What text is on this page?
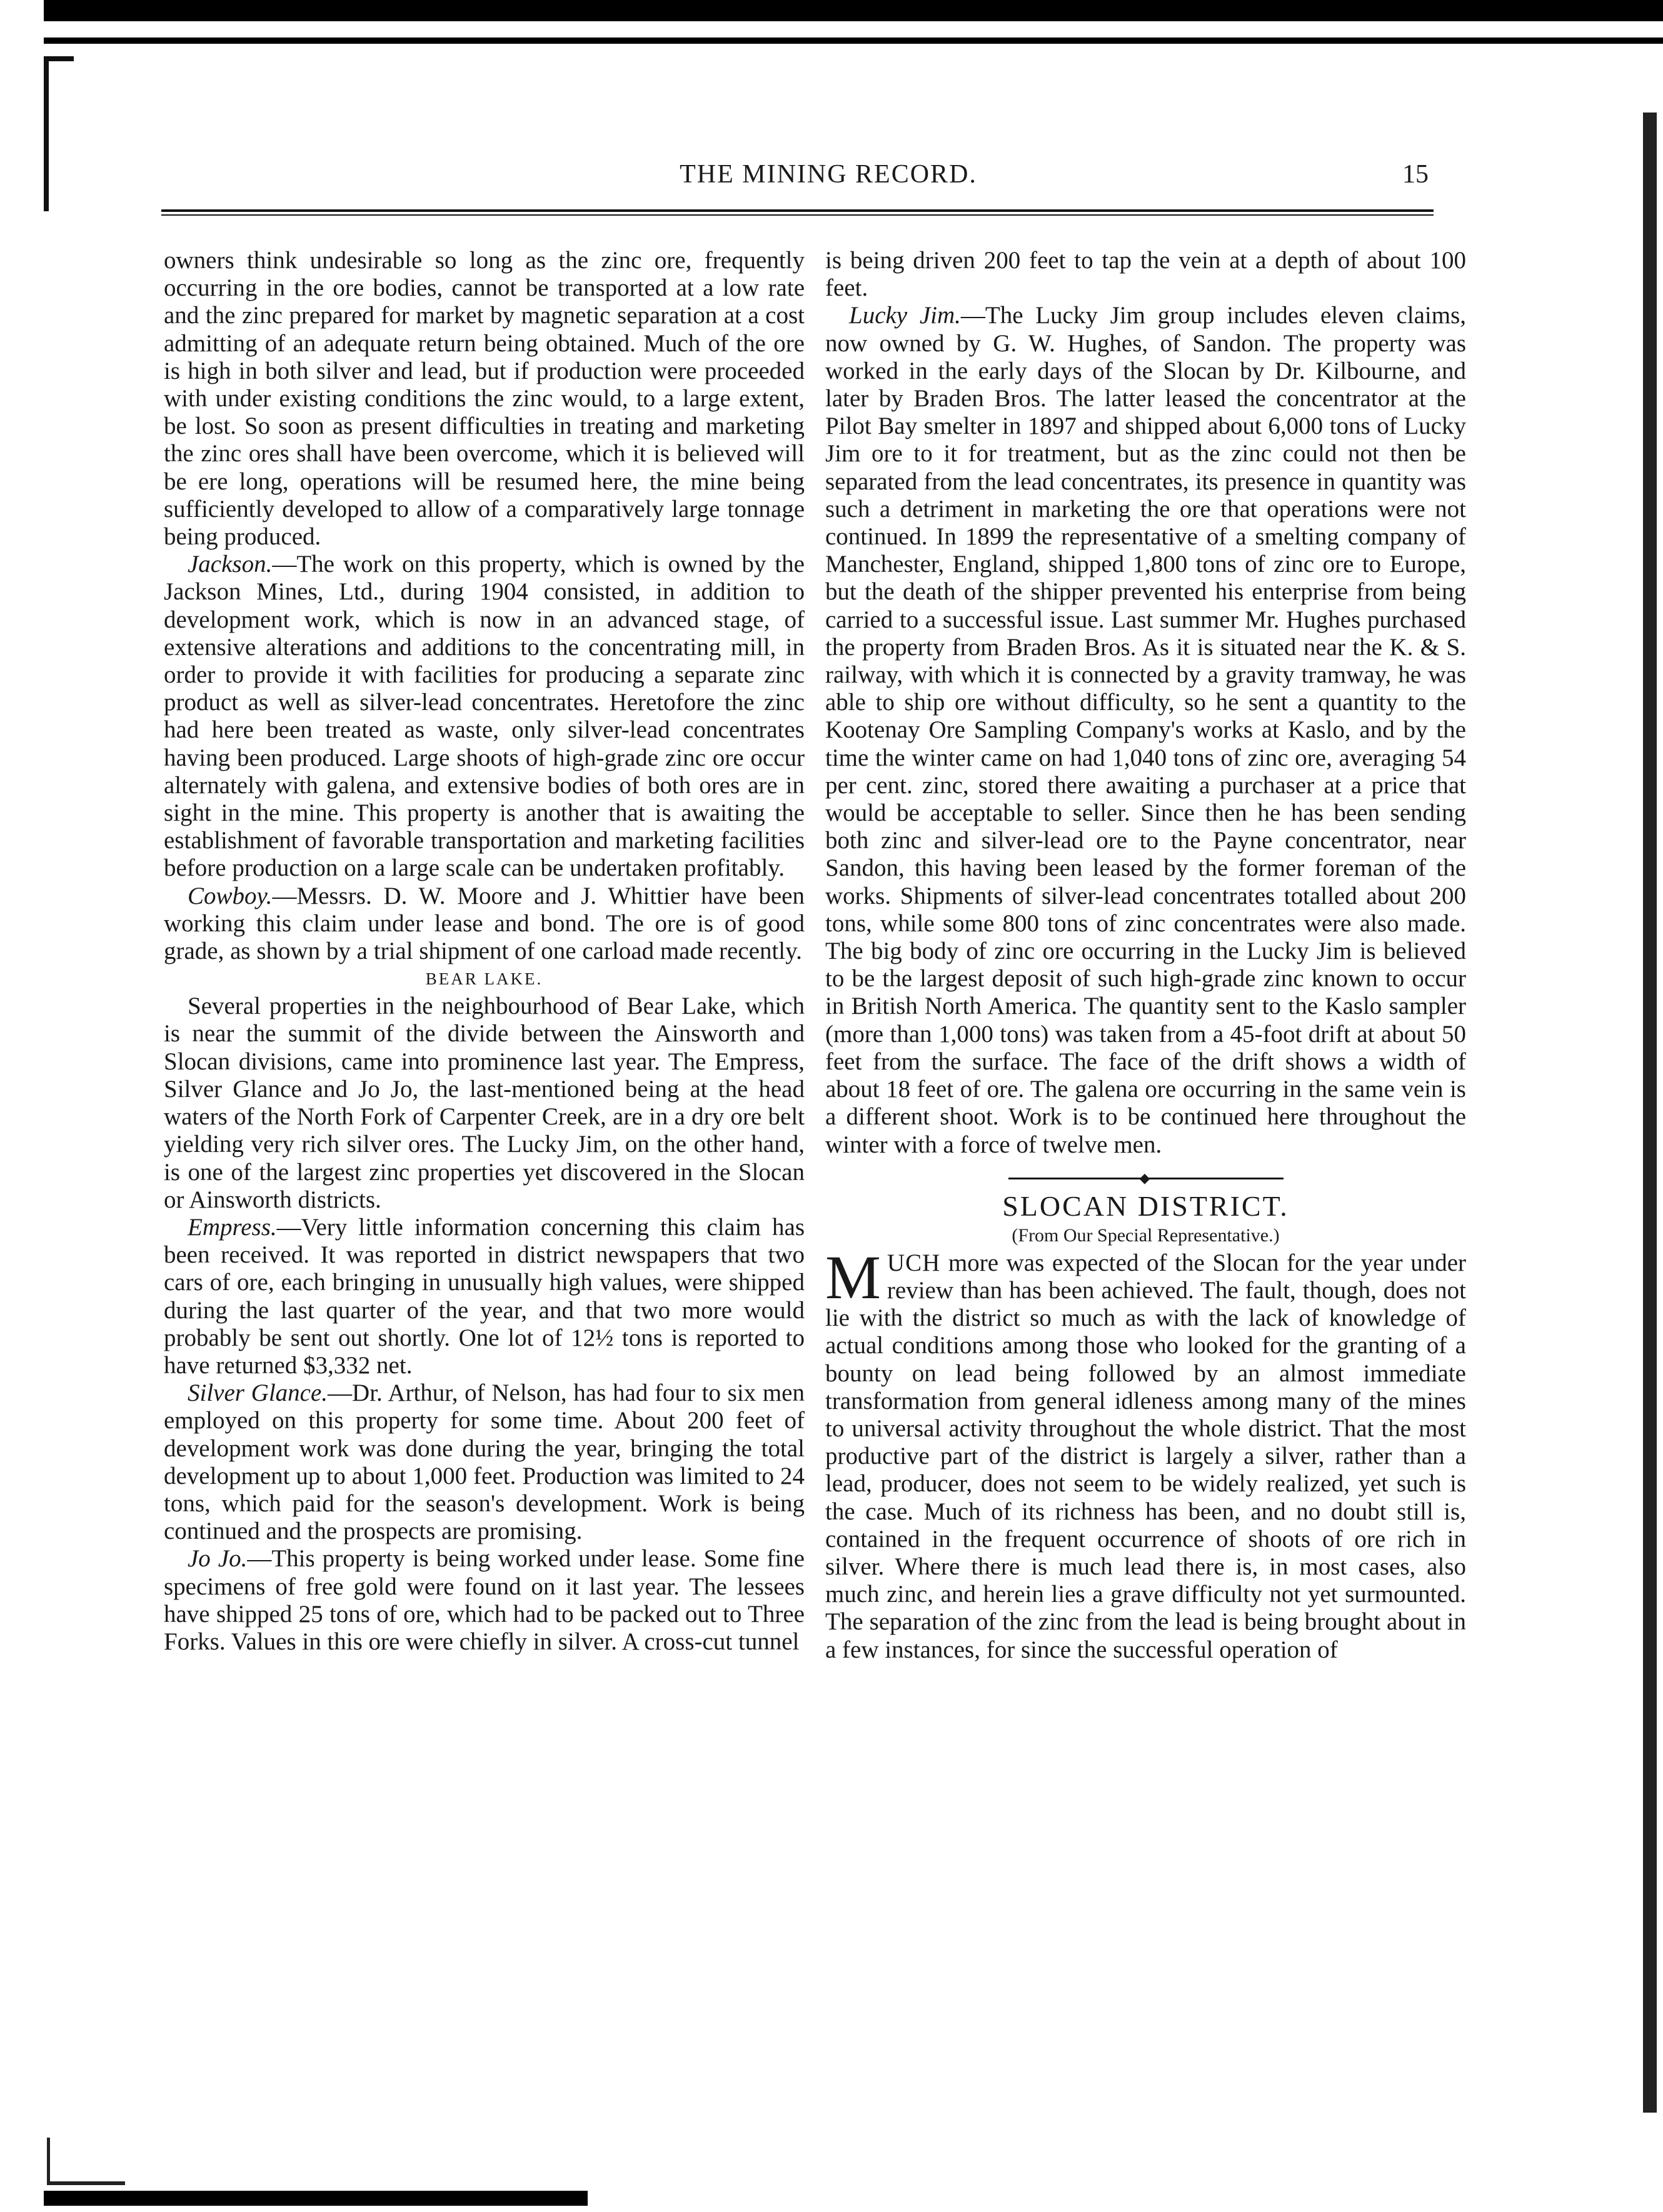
THE MINING RECORD.	15

owners think undesirable so long as the zinc ore, frequently occurring in the ore bodies, cannot be transported at a low rate and the zinc prepared for market by magnetic separation at a cost admitting of an adequate return being obtained. Much of the ore is high in both silver and lead, but if production were proceeded with under existing conditions the zinc would, to a large extent, be lost. So soon as present difficulties in treating and marketing the zinc ores shall have been overcome, which it is believed will be ere long, operations will be resumed here, the mine being sufficiently developed to allow of a comparatively large tonnage being produced.

Jackson.—The work on this property, which is owned by the Jackson Mines, Ltd., during 1904 consisted, in addition to development work, which is now in an advanced stage, of extensive alterations and additions to the concentrating mill, in order to provide it with facilities for producing a separate zinc product as well as silver-lead concentrates. Heretofore the zinc had here been treated as waste, only silver-lead concentrates having been produced. Large shoots of high-grade zinc ore occur alternately with galena, and extensive bodies of both ores are in sight in the mine. This property is another that is awaiting the establishment of favorable transportation and marketing facilities before production on a large scale can be undertaken profitably.

Cowboy.—Messrs. D. W. Moore and J. Whittier have been working this claim under lease and bond. The ore is of good grade, as shown by a trial shipment of one carload made recently.

BEAR LAKE.

Several properties in the neighbourhood of Bear Lake, which is near the summit of the divide between the Ainsworth and Slocan divisions, came into prominence last year. The Empress, Silver Glance and Jo Jo, the last-mentioned being at the head waters of the North Fork of Carpenter Creek, are in a dry ore belt yielding very rich silver ores. The Lucky Jim, on the other hand, is one of the largest zinc properties yet discovered in the Slocan or Ainsworth districts.

Empress.—Very little information concerning this claim has been received. It was reported in district newspapers that two cars of ore, each bringing in unusually high values, were shipped during the last quarter of the year, and that two more would probably be sent out shortly. One lot of 12½ tons is reported to have returned $3,332 net.

Silver Glance.—Dr. Arthur, of Nelson, has had four to six men employed on this property for some time. About 200 feet of development work was done during the year, bringing the total development up to about 1,000 feet. Production was limited to 24 tons, which paid for the season's development. Work is being continued and the prospects are promising.

Jo Jo.—This property is being worked under lease. Some fine specimens of free gold were found on it last year. The lessees have shipped 25 tons of ore, which had to be packed out to Three Forks. Values in this ore were chiefly in silver. A cross-cut tunnel

is being driven 200 feet to tap the vein at a depth of about 100 feet.

Lucky Jim.—The Lucky Jim group includes eleven claims, now owned by G. W. Hughes, of Sandon. The property was worked in the early days of the Slocan by Dr. Kilbourne, and later by Braden Bros. The latter leased the concentrator at the Pilot Bay smelter in 1897 and shipped about 6,000 tons of Lucky Jim ore to it for treatment, but as the zinc could not then be separated from the lead concentrates, its presence in quantity was such a detriment in marketing the ore that operations were not continued. In 1899 the representative of a smelting company of Manchester, England, shipped 1,800 tons of zinc ore to Europe, but the death of the shipper prevented his enterprise from being carried to a successful issue. Last summer Mr. Hughes purchased the property from Braden Bros. As it is situated near the K. & S. railway, with which it is connected by a gravity tramway, he was able to ship ore without difficulty, so he sent a quantity to the Kootenay Ore Sampling Company's works at Kaslo, and by the time the winter came on had 1,040 tons of zinc ore, averaging 54 per cent. zinc, stored there awaiting a purchaser at a price that would be acceptable to seller. Since then he has been sending both zinc and silver-lead ore to the Payne concentrator, near Sandon, this having been leased by the former foreman of the works. Shipments of silver-lead concentrates totalled about 200 tons, while some 800 tons of zinc concentrates were also made. The big body of zinc ore occurring in the Lucky Jim is believed to be the largest deposit of such high-grade zinc known to occur in British North America. The quantity sent to the Kaslo sampler (more than 1,000 tons) was taken from a 45-foot drift at about 50 feet from the surface. The face of the drift shows a width of about 18 feet of ore. The galena ore occurring in the same vein is a different shoot. Work is to be continued here throughout the winter with a force of twelve men.

◆

SLOCAN DISTRICT.

(From Our Special Representative.)

MUCH more was expected of the Slocan for the year under review than has been achieved. The fault, though, does not lie with the district so much as with the lack of knowledge of actual conditions among those who looked for the granting of a bounty on lead being followed by an almost immediate transformation from general idleness among many of the mines to universal activity throughout the whole district. That the most productive part of the district is largely a silver, rather than a lead, producer, does not seem to be widely realized, yet such is the case. Much of its richness has been, and no doubt still is, contained in the frequent occurrence of shoots of ore rich in silver. Where there is much lead there is, in most cases, also much zinc, and herein lies a grave difficulty not yet surmounted. The separation of the zinc from the lead is being brought about in a few instances, for since the successful operation of
